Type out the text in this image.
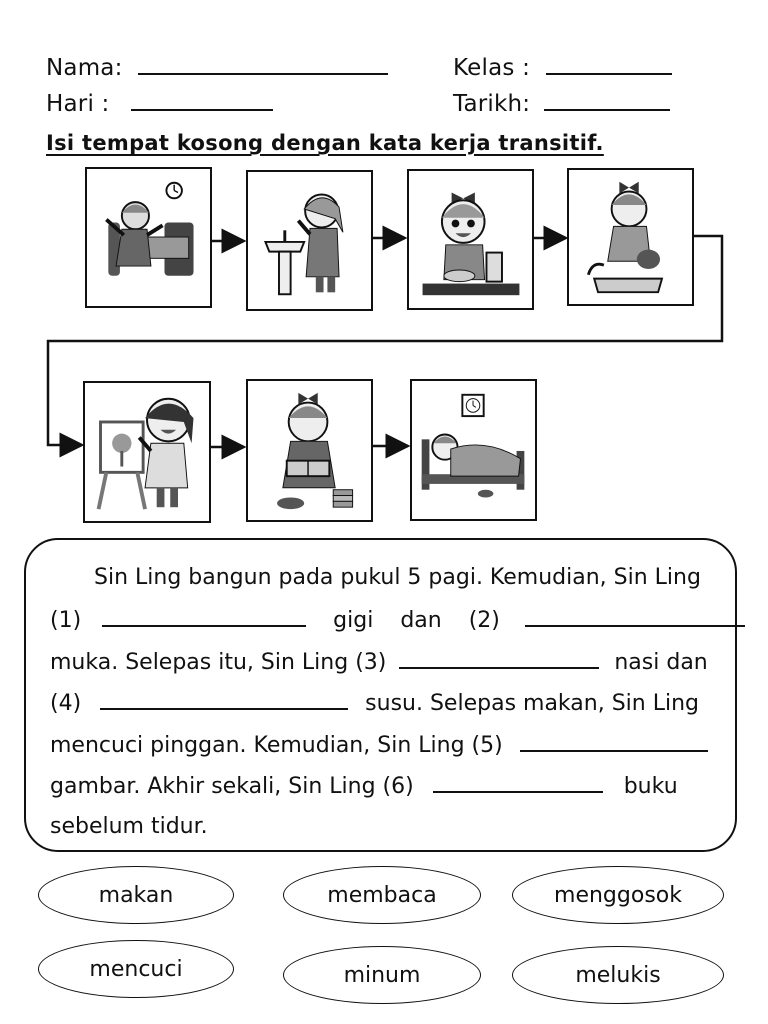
Nama:	Kelas :
Hari :	Tarikh:
Isi tempat kosong dengan kata kerja transitif.
Sin Ling bangun pada pukul 5 pagi. Kemudian, Sin Ling
(1)	gigi dan (2)
muka. Selepas itu, Sin Ling (3)	nasi dan
(4)	susu. Selepas makan, Sin Ling
mencuci pinggan. Kemudian, Sin Ling (5)
gambar. Akhir sekali, Sin Ling (6)	buku
sebelum tidur.
makan	membaca	menggosok
mencuci	minum	melukis
